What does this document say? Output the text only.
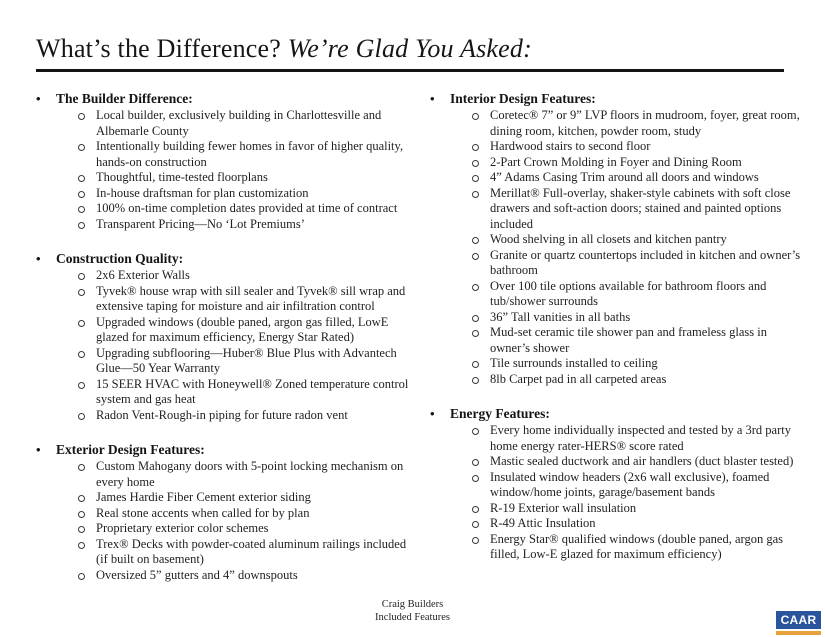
What’s the Difference? We’re Glad You Asked:
•	The Builder Difference:
Local builder, exclusively building in Charlottesville and Albemarle County
Intentionally building fewer homes in favor of higher quality, hands-on construction
Thoughtful, time-tested floorplans
In-house draftsman for plan customization
100% on-time completion dates provided at time of contract
Transparent Pricing—No ‘Lot Premiums’
•	Construction Quality:
2x6 Exterior Walls
Tyvek® house wrap with sill sealer and Tyvek® sill wrap and extensive taping for moisture and air infiltration control
Upgraded windows (double paned, argon gas filled, LowE glazed for maximum efficiency, Energy Star Rated)
Upgrading subflooring—Huber® Blue Plus with Advantech Glue—50 Year Warranty
15 SEER HVAC with Honeywell® Zoned temperature control system and gas heat
Radon Vent-Rough-in piping for future radon vent
•	Exterior Design Features:
Custom Mahogany doors with 5-point locking mechanism on every home
James Hardie Fiber Cement exterior siding
Real stone accents when called for by plan
Proprietary exterior color schemes
Trex® Decks with powder-coated aluminum railings included (if built on basement)
Oversized 5” gutters and 4” downspouts
•	Interior Design Features:
Coretec® 7” or 9” LVP floors in mudroom, foyer, great room, dining room, kitchen, powder room, study
Hardwood stairs to second floor
2-Part Crown Molding in Foyer and Dining Room
4” Adams Casing Trim around all doors and windows
Merillat® Full-overlay, shaker-style cabinets with soft close drawers and soft-action doors; stained and painted options included
Wood shelving in all closets and kitchen pantry
Granite or quartz countertops included in kitchen and owner’s bathroom
Over 100 tile options available for bathroom floors and tub/shower surrounds
36” Tall vanities in all baths
Mud-set ceramic tile shower pan and frameless glass in owner’s shower
Tile surrounds installed to ceiling
8lb Carpet pad in all carpeted areas
•	Energy Features:
Every home individually inspected and tested by a 3rd party home energy rater-HERS® score rated
Mastic sealed ductwork and air handlers (duct blaster tested)
Insulated window headers (2x6 wall exclusive), foamed window/home joints, garage/basement bands
R-19 Exterior wall insulation
R-49 Attic Insulation
Energy Star® qualified windows (double paned, argon gas filled, Low-E glazed for maximum efficiency)
Craig Builders
Included Features	CAAR
